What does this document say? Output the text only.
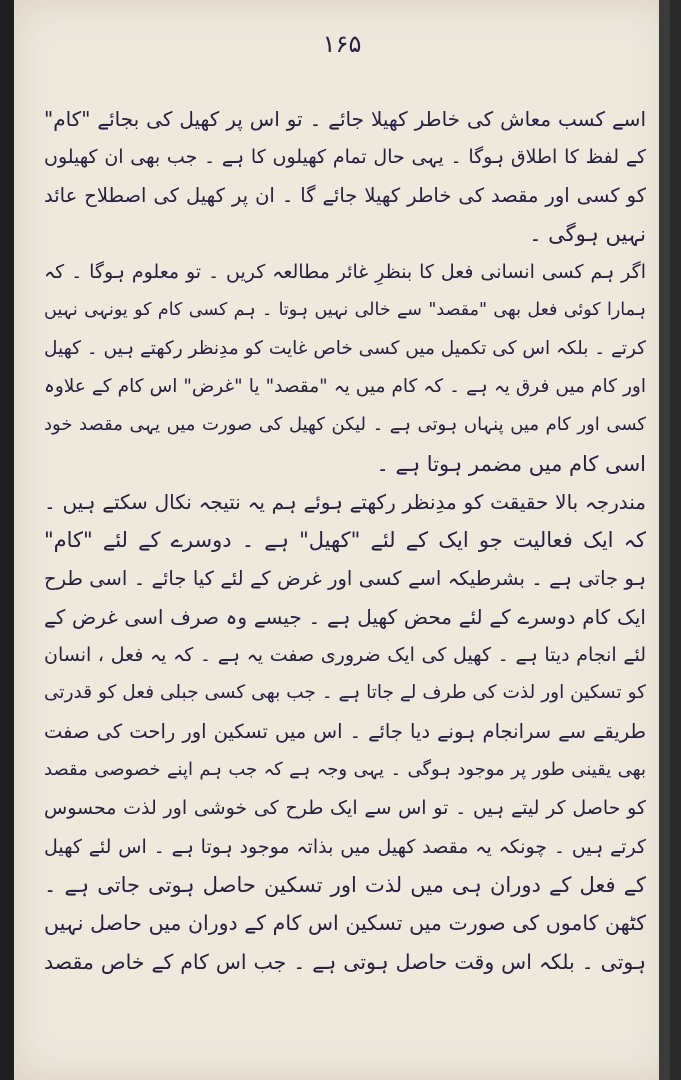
۱۶۵
اسے کسب معاش کی خاطر کھیلا جائے ۔ تو اس پر کھیل کی بجائے "کام"
کے لفظ کا اطلاق ہوگا ۔ یہی حال تمام کھیلوں کا ہے ۔ جب بھی ان کھیلوں
کو کسی اور مقصد کی خاطر کھیلا جائے گا ۔ ان پر کھیل کی اصطلاح عائد
نہیں ہوگی ۔
اگر ہم کسی انسانی فعل کا بنظرِ غائر مطالعہ کریں ۔ تو معلوم ہوگا ۔ کہ
ہمارا کوئی فعل بھی "مقصد" سے خالی نہیں ہوتا ۔ ہم کسی کام کو یونہی نہیں
کرتے ۔ بلکہ اس کی تکمیل میں کسی خاص غایت کو مدِنظر رکھتے ہیں ۔ کھیل
اور کام میں فرق یہ ہے ۔ کہ کام میں یہ "مقصد" یا "غرض" اس کام کے علاوہ
کسی اور کام میں پنہاں ہوتی ہے ۔ لیکن کھیل کی صورت میں یہی مقصد خود
اسی کام میں مضمر ہوتا ہے ۔
مندرجہ بالا حقیقت کو مدِنظر رکھتے ہوئے ہم یہ نتیجہ نکال سکتے ہیں ۔
کہ ایک فعالیت جو ایک کے لئے "کھیل" ہے ۔ دوسرے کے لئے "کام"
ہو جاتی ہے ۔ بشرطیکہ اسے کسی اور غرض کے لئے کیا جائے ۔ اسی طرح
ایک کام دوسرے کے لئے محض کھیل ہے ۔ جیسے وہ صرف اسی غرض کے
لئے انجام دیتا ہے ۔ کھیل کی ایک ضروری صفت یہ ہے ۔ کہ یہ فعل ، انسان
کو تسکین اور لذت کی طرف لے جاتا ہے ۔ جب بھی کسی جبلی فعل کو قدرتی
طریقے سے سرانجام ہونے دیا جائے ۔ اس میں تسکین اور راحت کی صفت
بھی یقینی طور پر موجود ہوگی ۔ یہی وجہ ہے کہ جب ہم اپنے خصوصی مقصد
کو حاصل کر لیتے ہیں ۔ تو اس سے ایک طرح کی خوشی اور لذت محسوس
کرتے ہیں ۔ چونکہ یہ مقصد کھیل میں بذاتہ موجود ہوتا ہے ۔ اس لئے کھیل
کے فعل کے دوران ہی میں لذت اور تسکین حاصل ہوتی جاتی ہے ۔
کٹھن کاموں کی صورت میں تسکین اس کام کے دوران میں حاصل نہیں
ہوتی ۔ بلکہ اس وقت حاصل ہوتی ہے ۔ جب اس کام کے خاص مقصد
